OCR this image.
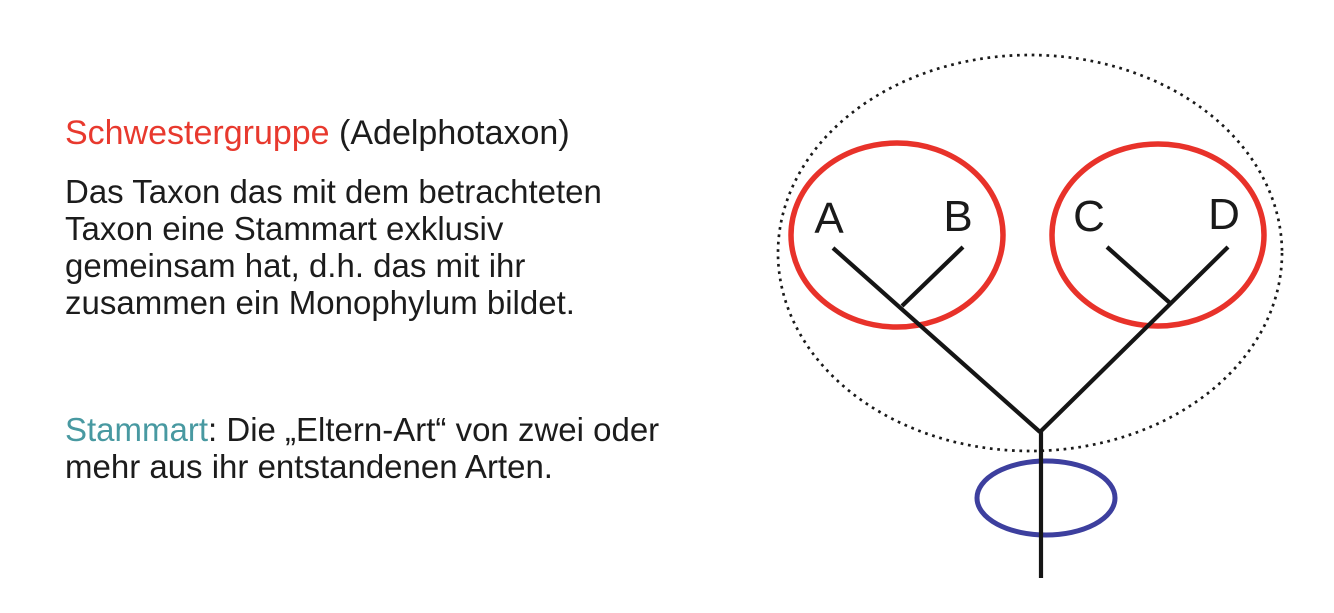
Schwestergruppe (Adelphotaxon)
Das Taxon das mit dem betrachteten
Taxon eine Stammart exklusiv
gemeinsam hat, d.h. das mit ihr
zusammen ein Monophylum bildet.
Stammart: Die „Eltern-Art“ von zwei oder
mehr aus ihr entstandenen Arten.
A B C D
